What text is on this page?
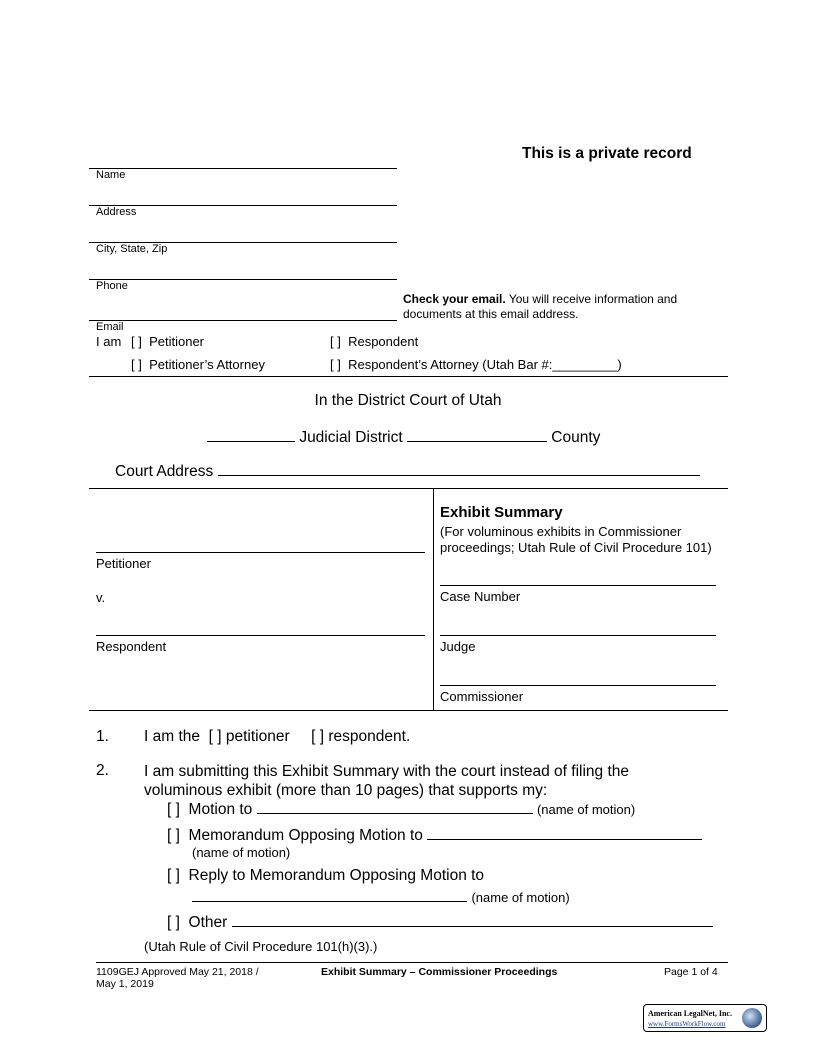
This is a private record
Name
Address
City, State, Zip
Phone
Email
Check your email. You will receive information and
documents at this email address.
I am [ ] Petitioner	[ ] Respondent
[ ] Petitioner’s Attorney	[ ] Respondent’s Attorney (Utah Bar #:_________)
In the District Court of Utah
Judicial District	County
Court Address
Petitioner
v.
Respondent
Exhibit Summary
(For voluminous exhibits in Commissioner
proceedings; Utah Rule of Civil Procedure 101)
Case Number
Judge
Commissioner
1. I am the [ ] petitioner [ ] respondent.
2. I am submitting this Exhibit Summary with the court instead of filing the
voluminous exhibit (more than 10 pages) that supports my:
[ ] Motion to	(name of motion)
[ ] Memorandum Opposing Motion to
(name of motion)
[ ] Reply to Memorandum Opposing Motion to
(name of motion)
[ ] Other
(Utah Rule of Civil Procedure 101(h)(3).)
1109GEJ Approved May 21, 2018 /
May 1, 2019
Exhibit Summary – Commissioner Proceedings	Page 1 of 4
American LegalNet, Inc.
www.FormsWorkFlow.com
